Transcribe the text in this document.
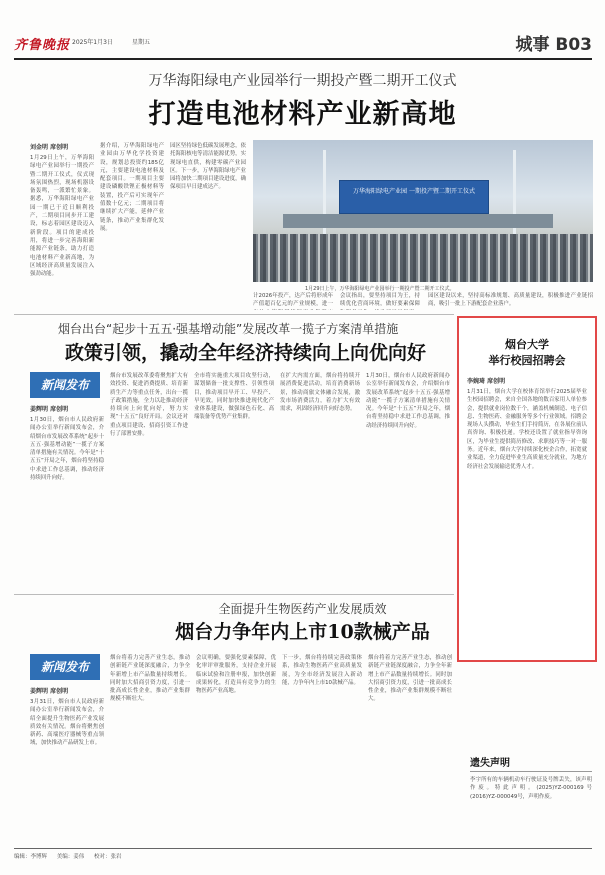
齐鲁晚报 2025年1月3日	星期五	城事 B03
万华海阳绿电产业园举行一期投产暨二期开工仪式
打造电池材料产业新高地
刘金明 席创明
1月29日上午，万华海阳绿电产业园举行一期投产暨二期开工仪式，仪式现场氛围热烈，现场机器设备轰鸣，一派繁忙景象。据悉，万华海阳绿电产业园一期已于近日顺利投产，二期项目同步开工建设，标志着园区建设迈入新阶段。项目的建成投用，将进一步完善海阳新能源产业链条，助力打造电池材料产业新高地，为区域经济高质量发展注入强劲动能。
据介绍，万华海阳绿电产业园由万华化学投资建设，规划总投资约185亿元，主要建设电池材料及配套项目。一期项目主要建设磷酸铁锂正极材料等装置，投产后可实现年产值数十亿元；二期项目将继续扩大产能，延伸产业链条，推动产业集群化发展。
园区坚持绿色低碳发展理念，依托海阳核电等清洁能源优势，实现绿电直供，构建零碳产业园区。下一步，万华海阳绿电产业园将加快二期项目建设进度，确保项目早日建成达产。
万华海阳绿电产业园 一期投产暨二期开工仪式
1月29日上午，万华海阳绿电产业园举行一期投产暨二期开工仪式。
计2026年投产，达产后将形成年产值超百亿元的产业规模，进一
会议指出，要坚持项目为王，持续优化营商环境，做好要素保障
园区建设以来，坚持高标准规划、高质量建设，积极推进产业链招商，吸引一批上下游配套企业落户。
烟台出台“起步十五五·强基增动能”发展改革一揽子方案清单措施
政策引领，撬动全年经济持续向上向优向好
新闻发布
姜辉明 席创明
1月30日，烟台市人民政府新闻办公室举行新闻发布会，介绍烟台市发展改革系统“起步十五五·强基增动能”一揽子方案清单措施有关情况。今年是“十五五”开局之年，烟台将坚持稳中求进工作总基调，推动经济持续回升向好。
烟台市发展改革委将聚焦扩大有效投资、促进消费提质、培育新质生产力等重点任务，出台一揽子政策措施，全力以赴推动经济持续向上向优向好，努力实现“十五五”良好开局。会议还对重点项目建设、招商引资工作进行了部署安排。
全市将实施重大项目攻坚行动，谋划储备一批支撑性、引领性项目，推动项目早开工、早投产、早见效。同时加快推进现代化产业体系建设，做强绿色石化、高端装备等优势产业集群。
在扩大内需方面，烟台将持续开展消费促进活动，培育消费新场景，推动商旅文体融合发展，激发市场消费活力，着力扩大有效需求，巩固经济回升向好态势。
1月30日，烟台市人民政府新闻办公室举行新闻发布会，介绍烟台市发展改革系统“起步十五五·强基增动能”一揽子方案清单措施有关情况。今年是“十五五”开局之年，烟台将坚持稳中求进工作总基调，推动经济持续回升向好。
烟台大学
举行校园招聘会
李婉琦 席创明
1月31日，烟台大学在校体育馆举行2025届毕业生校园招聘会，来自全国各地的数百家用人单位参会，提供就业岗位数千个，涵盖机械制造、电子信息、生物医药、金融服务等多个行业领域。招聘会现场人头攒动，毕业生们手持简历，在各展位前认真咨询、积极投递。学校还设置了就业指导咨询区，为毕业生提供简历修改、求职技巧等一对一服务。近年来，烟台大学持续深化校企合作，拓宽就业渠道，全力促进毕业生高质量充分就业，为地方经济社会发展输送优秀人才。
全面提升生物医药产业发展质效
烟台力争年内上市10款械产品
新闻发布
姜辉明 席创明
3月31日，烟台市人民政府新闻办公室举行新闻发布会，介绍全面提升生物医药产业发展质效有关情况。烟台将聚焦创新药、高端医疗器械等重点领域，加快推动产品研发上市。
烟台将着力完善产业生态，推动创新链产业链深度融合，力争全年新增上市产品数量持续增长。同时加大招商引资力度，引进一批高成长性企业，推动产业集群规模不断壮大。
会议明确，要强化要素保障，优化审评审批服务，支持企业开展临床试验和注册申报，加快创新成果转化，打造具有竞争力的生物医药产业高地。
下一步，烟台将持续完善政策体系，推动生物医药产业高质量发展，为全市经济发展注入新动能，力争年内上市10款械产品。
烟台将着力完善产业生态，推动创新链产业链深度融合，力争全年新增上市产品数量持续增长。同时加大招商引资力度，引进一批高成长性企业，推动产业集群规模不断壮大。
遗失声明
李宇所有的车辆机动车行驶证及号牌丢失，该声明作废。特此声明。(2025)YZ-000169号 (2016)YZ-000049号，声明作废。
编辑：李博辉 美编：姜伟 校对：张岩
